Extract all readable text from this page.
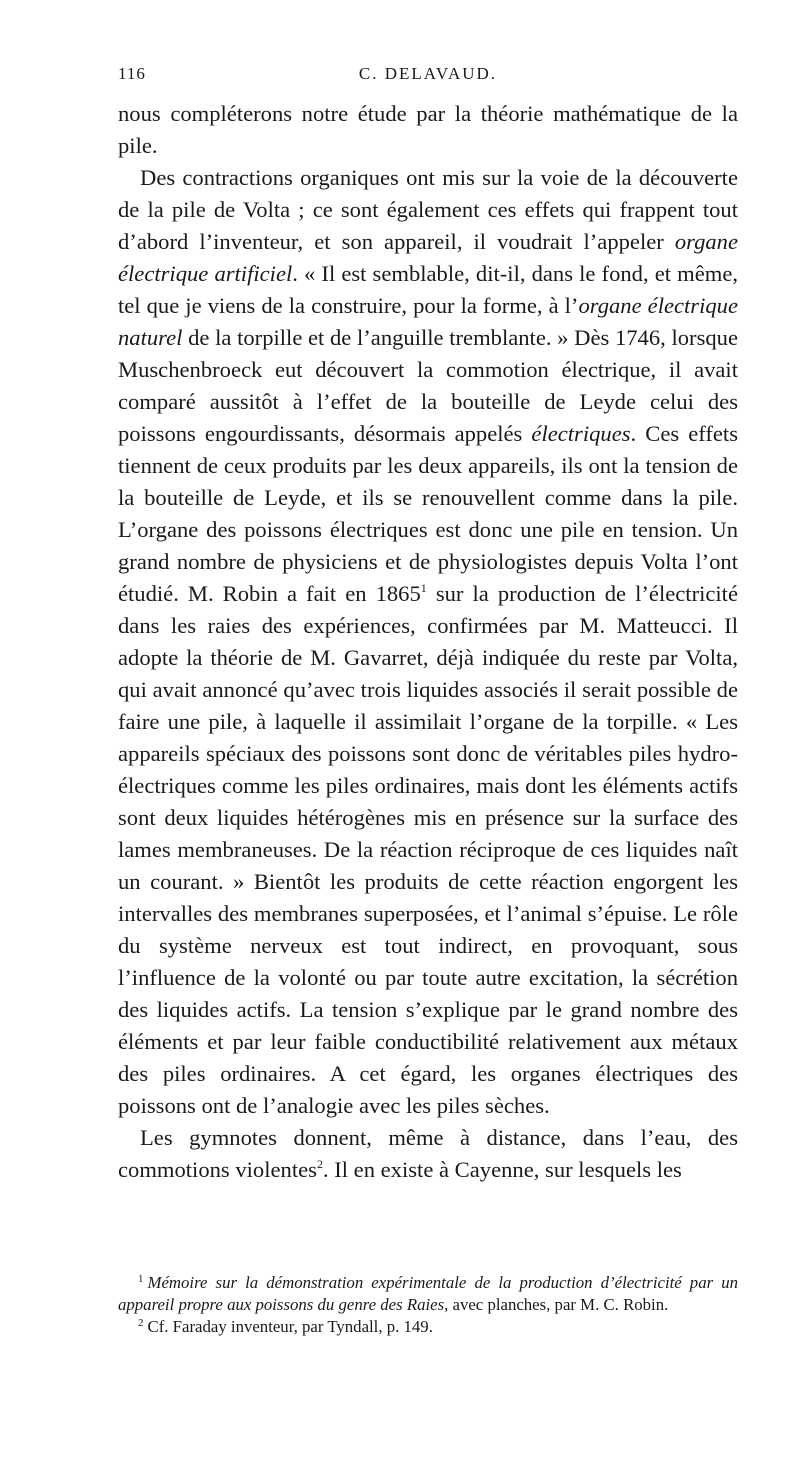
116	C. DELAVAUD.

nous compléterons notre étude par la théorie mathématique de la pile.

Des contractions organiques ont mis sur la voie de la découverte de la pile de Volta ; ce sont également ces effets qui frappent tout d’abord l’inventeur, et son appareil, il voudrait l’appeler organe électrique artificiel. « Il est semblable, dit-il, dans le fond, et même, tel que je viens de la construire, pour la forme, à l’organe électrique naturel de la torpille et de l’anguille tremblante. » Dès 1746, lorsque Muschenbroeck eut découvert la commotion électrique, il avait comparé aussitôt à l’effet de la bouteille de Leyde celui des poissons engourdissants, désormais appelés électriques. Ces effets tiennent de ceux produits par les deux appareils, ils ont la tension de la bouteille de Leyde, et ils se renouvellent comme dans la pile. L’organe des poissons électriques est donc une pile en tension. Un grand nombre de physiciens et de physiologistes depuis Volta l’ont étudié. M. Robin a fait en 1865$^1$ sur la production de l’électricité dans les raies des expériences, confirmées par M. Matteucci. Il adopte la théorie de M. Gavarret, déjà indiquée du reste par Volta, qui avait annoncé qu’avec trois liquides associés il serait possible de faire une pile, à laquelle il assimilait l’organe de la torpille. « Les appareils spéciaux des poissons sont donc de véritables piles hydro-électriques comme les piles ordinaires, mais dont les éléments actifs sont deux liquides hétérogènes mis en présence sur la surface des lames membraneuses. De la réaction réciproque de ces liquides naît un courant. » Bientôt les produits de cette réaction engorgent les intervalles des membranes superposées, et l’animal s’épuise. Le rôle du système nerveux est tout indirect, en provoquant, sous l’influence de la volonté ou par toute autre excitation, la sécrétion des liquides actifs. La tension s’explique par le grand nombre des éléments et par leur faible conductibilité relativement aux métaux des piles ordinaires. A cet égard, les organes électriques des poissons ont de l’analogie avec les piles sèches.

Les gymnotes donnent, même à distance, dans l’eau, des commotions violentes$^2$. Il en existe à Cayenne, sur lesquels les

$^1$ Mémoire sur la démonstration expérimentale de la production d’électricité par un appareil propre aux poissons du genre des Raies, avec planches, par M. C. Robin.

$^2$ Cf. Faraday inventeur, par Tyndall, p. 149.
